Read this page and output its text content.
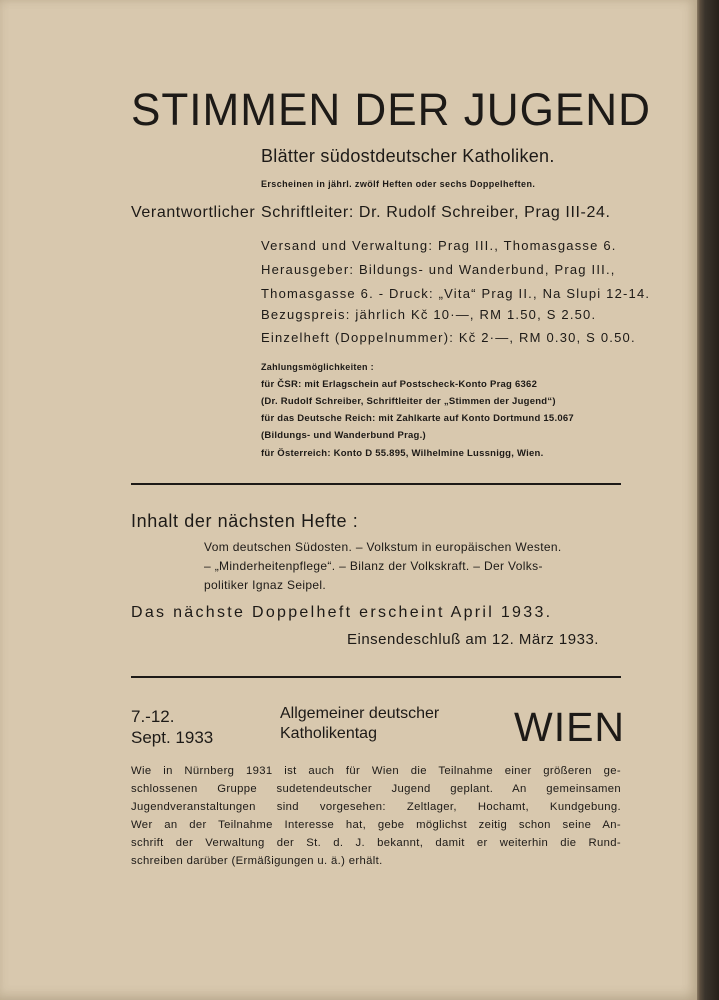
STIMMEN DER JUGEND
Blätter südostdeutscher Katholiken.
Erscheinen in jährl. zwölf Heften oder sechs Doppelheften.
Verantwortlicher Schriftleiter: Dr. Rudolf Schreiber, Prag III-24.
Versand und Verwaltung: Prag III., Thomasgasse 6.
Herausgeber: Bildungs- und Wanderbund, Prag III.,
Thomasgasse 6. - Druck: „Vita“ Prag II., Na Slupi 12-14.
Bezugspreis: jährlich Kč 10·—, RM 1.50, S 2.50.
Einzelheft (Doppelnummer): Kč 2·—, RM 0.30, S 0.50.
Zahlungsmöglichkeiten :
für ČSR: mit Erlagschein auf Postscheck-Konto Prag 6362
(Dr. Rudolf Schreiber, Schriftleiter der „Stimmen der Jugend“)
für das Deutsche Reich: mit Zahlkarte auf Konto Dortmund 15.067
(Bildungs- und Wanderbund Prag.)
für Österreich: Konto D 55.895, Wilhelmine Lussnigg, Wien.
Inhalt der nächsten Hefte :
Vom deutschen Südosten. – Volkstum in europäischen Westen.
– „Minderheitenpflege“. – Bilanz der Volkskraft. – Der Volks-
politiker Ignaz Seipel.
Das nächste Doppelheft erscheint April 1933.
Einsendeschluß am 12. März 1933.
7.-12.
Sept. 1933
Allgemeiner deutscher
Katholikentag	WIEN
Wie in Nürnberg 1931 ist auch für Wien die Teilnahme einer größeren ge-
schlossenen Gruppe sudetendeutscher Jugend geplant. An gemeinsamen
Jugendveranstaltungen sind vorgesehen: Zeltlager, Hochamt, Kundgebung.
Wer an der Teilnahme Interesse hat, gebe möglichst zeitig schon seine An-
schrift der Verwaltung der St. d. J. bekannt, damit er weiterhin die Rund-
schreiben darüber (Ermäßigungen u. ä.) erhält.
